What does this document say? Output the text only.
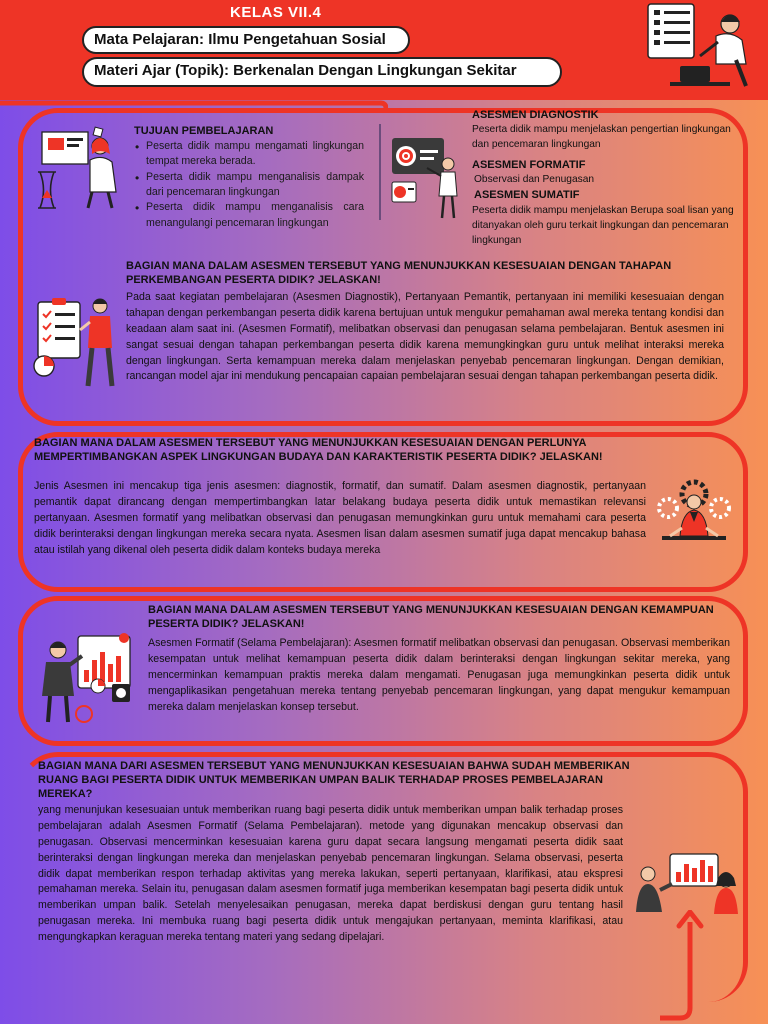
KELAS VII.4
Mata Pelajaran: Ilmu Pengetahuan Sosial
Materi Ajar (Topik): Berkenalan Dengan Lingkungan Sekitar
TUJUAN PEMBELAJARAN
• Peserta didik mampu mengamati lingkungan tempat mereka berada.
• Peserta didik mampu menganalisis dampak dari pencemaran lingkungan
• Peserta didik mampu menganalisis cara menangulangi pencemaran lingkungan
ASESMEN DIAGNOSTIK
Peserta didik mampu menjelaskan pengertian lingkungan dan pencemaran lingkungan
ASESMEN FORMATIF
Observasi dan Penugasan
ASESMEN SUMATIF
Peserta didik mampu menjelaskan Berupa soal lisan yang ditanyakan oleh guru terkait lingkungan dan pencemaran lingkungan
BAGIAN MANA DALAM ASESMEN TERSEBUT YANG MENUNJUKKAN KESESUAIAN DENGAN TAHAPAN PERKEMBANGAN PESERTA DIDIK? JELASKAN!
Pada saat kegiatan pembelajaran (Asesmen Diagnostik), Pertanyaan Pemantik, pertanyaan ini memiliki kesesuaian dengan tahapan dengan perkembangan peserta didik karena bertujuan untuk mengukur pemahaman awal mereka tentang kondisi dan keadaan alam saat ini. (Asesmen Formatif), melibatkan observasi dan penugasan selama pembelajaran. Bentuk asesmen ini sangat sesuai dengan tahapan perkembangan peserta didik karena memungkingkan guru untuk melihat interaksi mereka dengan lingkungan. Serta kemampuan mereka dalam menjelaskan penyebab pencemaran lingkungan. Dengan demikian, rancangan model ajar ini mendukung pencapaian capaian pembelajaran sesuai dengan tahapan perkembangan peserta didik.
BAGIAN MANA DALAM ASESMEN TERSEBUT YANG MENUNJUKKAN KESESUAIAN DENGAN PERLUNYA MEMPERTIMBANGKAN ASPEK LINGKUNGAN BUDAYA DAN KARAKTERISTIK PESERTA DIDIK? JELASKAN!
Jenis Asesmen ini mencakup tiga jenis asesmen: diagnostik, formatif, dan sumatif. Dalam asesmen diagnostik, pertanyaan pemantik dapat dirancang dengan mempertimbangkan latar belakang budaya peserta didik untuk memastikan relevansi pertanyaan. Asesmen formatif yang melibatkan observasi dan penugasan memungkinkan guru untuk memahami cara peserta didik berinteraksi dengan lingkungan mereka secara nyata. Asesmen lisan dalam asesmen sumatif juga dapat mencakup bahasa atau istilah yang dikenal oleh peserta didik dalam konteks budaya mereka
BAGIAN MANA DALAM ASESMEN TERSEBUT YANG MENUNJUKKAN KESESUAIAN DENGAN KEMAMPUAN PESERTA DIDIK? JELASKAN!
Asesmen Formatif (Selama Pembelajaran): Asesmen formatif melibatkan observasi dan penugasan. Observasi memberikan kesempatan untuk melihat kemampuan peserta didik dalam berinteraksi dengan lingkungan sekitar mereka, yang mencerminkan kemampuan praktis mereka dalam mengamati. Penugasan juga memungkinkan peserta didik untuk mengaplikasikan pengetahuan mereka tentang penyebab pencemaran lingkungan, yang dapat mengukur kemampuan mereka dalam menjelaskan konsep tersebut.
BAGIAN MANA DARI ASESMEN TERSEBUT YANG MENUNJUKKAN KESESUAIAN BAHWA SUDAH MEMBERIKAN RUANG BAGI PESERTA DIDIK UNTUK MEMBERIKAN UMPAN BALIK TERHADAP PROSES PEMBELAJARAN MEREKA?
yang menunjukan kesesuaian untuk memberikan ruang bagi peserta didik untuk memberikan umpan balik terhadap proses pembelajaran adalah Asesmen Formatif (Selama Pembelajaran). metode yang digunakan mencakup observasi dan penugasan. Observasi mencerminkan kesesuaian karena guru dapat secara langsung mengamati peserta didik saat berinteraksi dengan lingkungan mereka dan menjelaskan penyebab pencemaran lingkungan. Selama observasi, peserta didik dapat memberikan respon terhadap aktivitas yang mereka lakukan, seperti pertanyaan, klarifikasi, atau ekspresi pemahaman mereka. Selain itu, penugasan dalam asesmen formatif juga memberikan kesempatan bagi peserta didik untuk memberikan umpan balik. Setelah menyelesaikan penugasan, mereka dapat berdiskusi dengan guru tentang hasil penugasan mereka. Ini membuka ruang bagi peserta didik untuk mengajukan pertanyaan, meminta klarifikasi, atau mengungkapkan keraguan mereka tentang materi yang sedang dipelajari.
